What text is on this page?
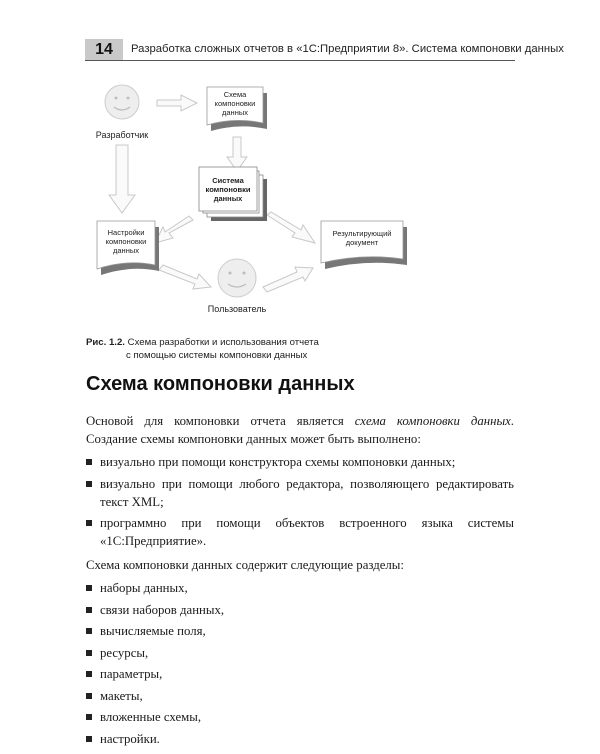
14	Разработка сложных отчетов в «1С:Предприятии 8». Система компоновки данных
Разработчик
Пользователь
Схема
компоновки
данных
Настройки
компоновки
данных
Результирующий
документ
Система
компоновки
данных
Рис. 1.2. Схема разработки и использования отчета
с помощью системы компоновки данных
Схема компоновки данных

Основой для компоновки отчета является схема компоновки данных. Создание схемы компоновки данных может быть выполнено:

визуально при помощи конструктора схемы компоновки данных;
визуально при помощи любого редактора, позволяющего редактировать текст XML;
программно при помощи объектов встроенного языка системы «1С:Предприятие».

Схема компоновки данных содержит следующие разделы:

наборы данных,
связи наборов данных,
вычисляемые поля,
ресурсы,
параметры,
макеты,
вложенные схемы,
настройки.
